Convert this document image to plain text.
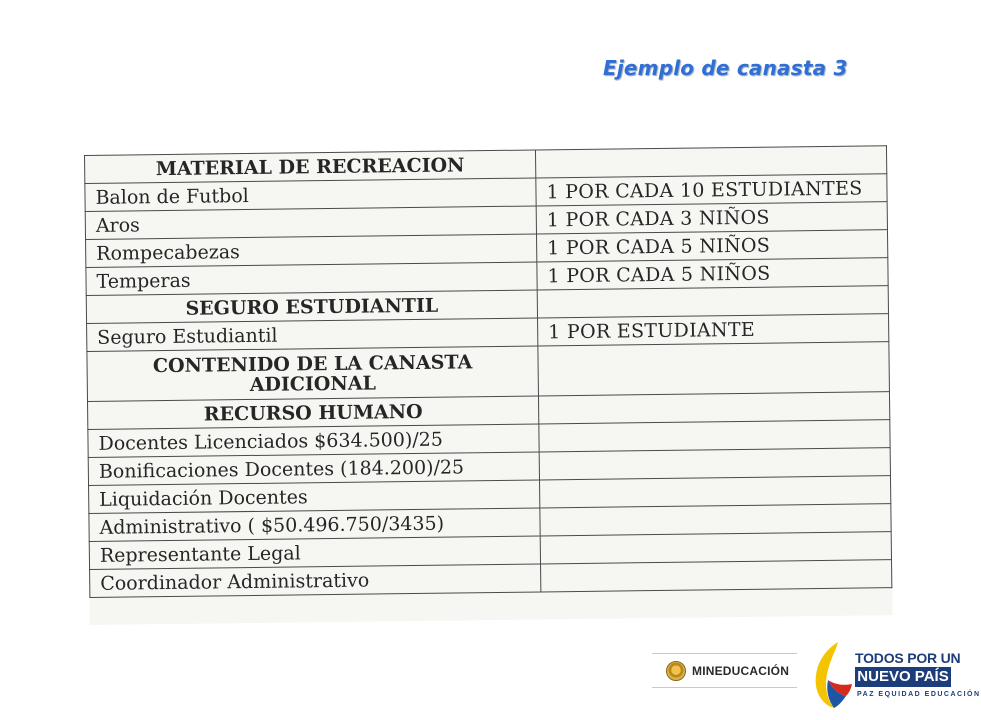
Ejemplo de canasta 3
MATERIAL DE RECREACION	
Balon de Futbol	1 POR CADA 10 ESTUDIANTES
Aros	1 POR CADA 3 NIÑOS
Rompecabezas	1 POR CADA 5 NIÑOS
Temperas	1 POR CADA 5 NIÑOS
SEGURO ESTUDIANTIL	
Seguro Estudiantil	1 POR ESTUDIANTE

CONTENIDO DE LA CANASTA
ADICIONAL	

RECURSO HUMANO	
Docentes Licenciados $634.500)/25	
Bonificaciones Docentes (184.200)/25	
Liquidación Docentes	
Administrativo ( $50.496.750/3435)	
Representante Legal	
Coordinador Administrativo	
MINEDUCACIÓN
TODOS POR UN
NUEVO PAÍS
PAZ EQUIDAD EDUCACIÓN
